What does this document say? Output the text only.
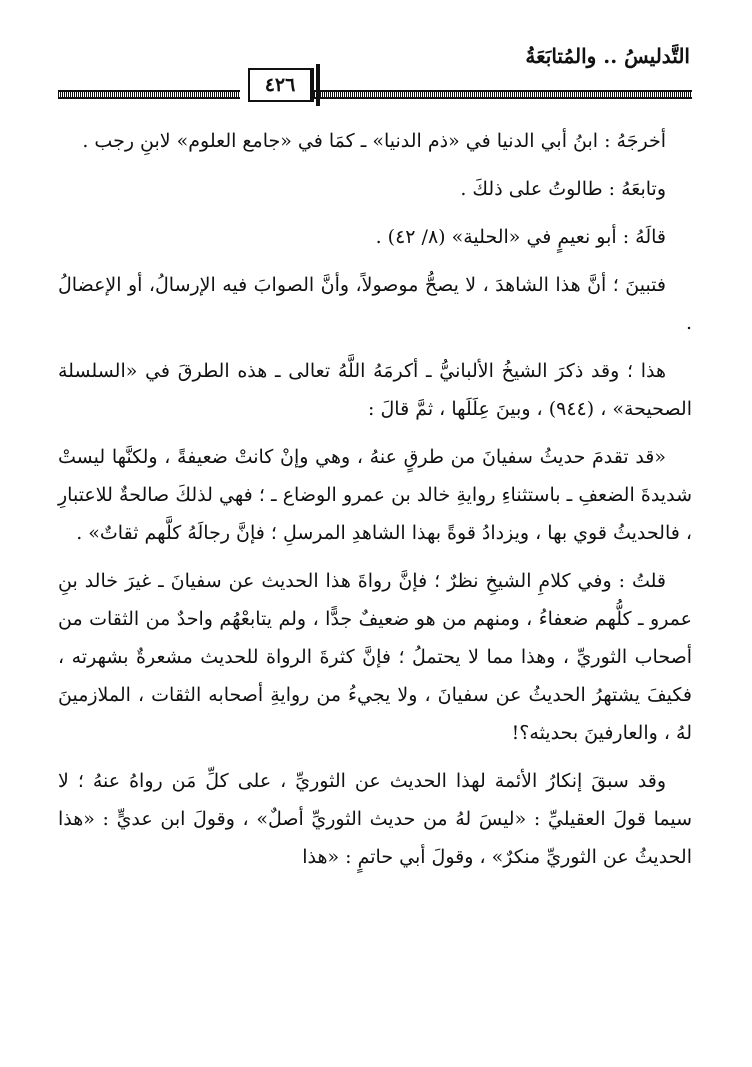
التَّدليسُ .. والمُتابَعَةُ
٤٢٦

أخرجَهُ : ابنُ أبي الدنيا في «ذم الدنيا» ـ كمَا في «جامع العلوم» لابنِ رجب .

وتابعَهُ : طالوتُ على ذلكَ .

قالَهُ : أبو نعيمٍ في «الحلية» (٨/ ٤٢) .

فتبينَ ؛ أنَّ هذا الشاهدَ ، لا يصحُّ موصولاً، وأنَّ الصوابَ فيه الإرسالُ، أو الإعضالُ .

هذا ؛ وقد ذكرَ الشيخُ الألبانيُّ ـ أكرمَهُ اللَّهُ تعالى ـ هذه الطرقَ في «السلسلة الصحيحة» ، (٩٤٤) ، وبينَ عِلَلَها ، ثمَّ قالَ :

«قد تقدمَ حديثُ سفيانَ من طرقٍ عنهُ ، وهي وإنْ كانتْ ضعيفةً ، ولكنَّها ليستْ شديدةَ الضعفِ ـ باستثناءِ روايةِ خالد بن عمرو الوضاع ـ ؛ فهي لذلكَ صالحةٌ للاعتبارِ ، فالحديثُ قوي بها ، ويزدادُ قوةً بهذا الشاهدِ المرسلِ ؛ فإنَّ رجالَهُ كلَّهم ثقاتٌ» .

قلتُ : وفي كلامِ الشيخِ نظرٌ ؛ فإنَّ رواةَ هذا الحديث عن سفيانَ ـ غيرَ خالد بنِ عمرو ـ كلُّهم ضعفاءُ ، ومنهم من هو ضعيفٌ جدًّا ، ولم يتابعْهُم واحدٌ من الثقات من أصحاب الثوريِّ ، وهذا مما لا يحتملُ ؛ فإنَّ كثرةَ الرواة للحديث مشعرةٌ بشهرته ، فكيفَ يشتهرُ الحديثُ عن سفيانَ ، ولا يجيءُ من روايةِ أصحابه الثقات ، الملازمينَ لهُ ، والعارفينَ بحديثه؟!

وقد سبقَ إنكارُ الأئمة لهذا الحديث عن الثوريِّ ، على كلِّ مَن رواهُ عنهُ ؛ لا سيما قولَ العقيليِّ : «ليسَ لهُ من حديث الثوريِّ أصلٌ» ، وقولَ ابن عديٍّ : «هذا الحديثُ عن الثوريِّ منكرٌ» ، وقولَ أبي حاتمٍ : «هذا
